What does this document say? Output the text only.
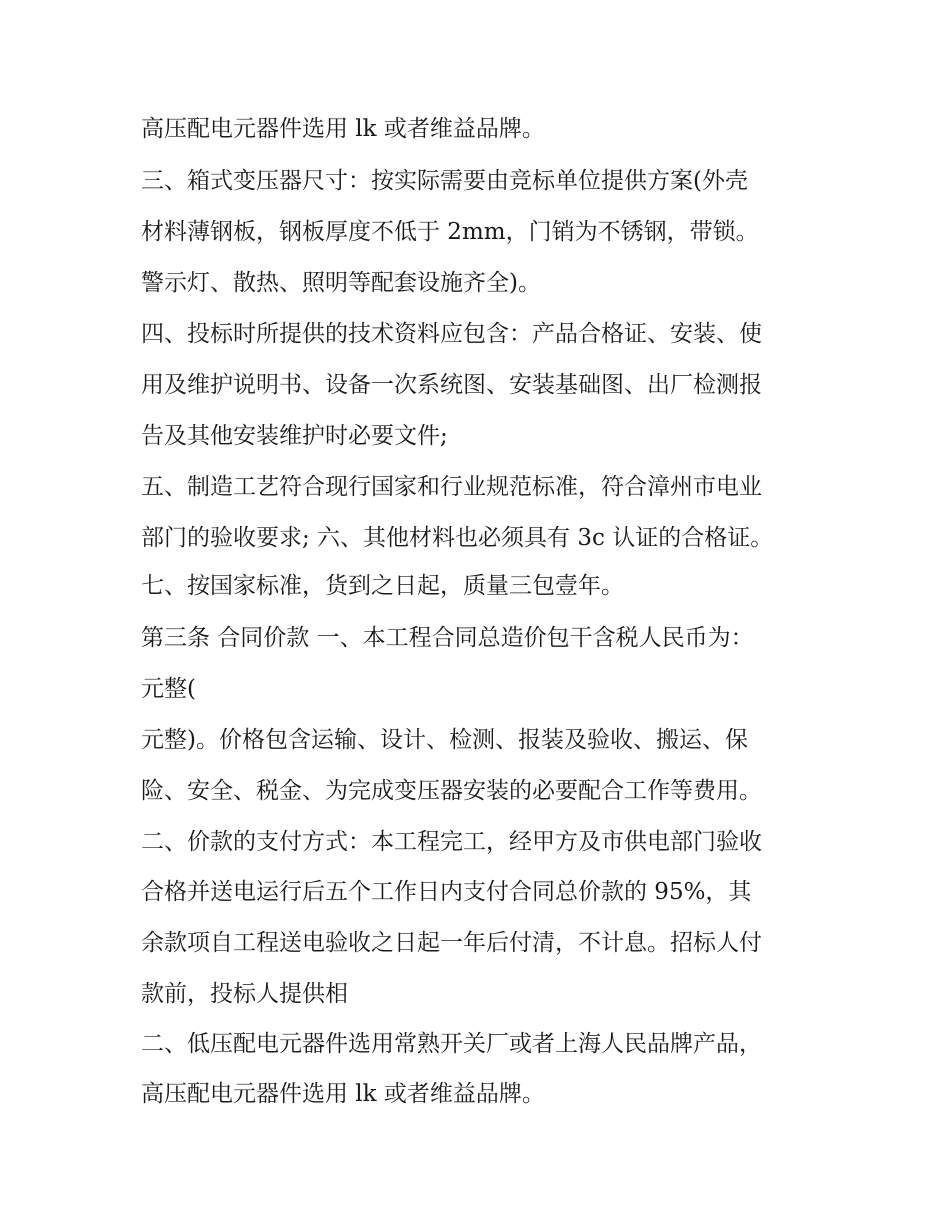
高压配电元器件选用 lk 或者维益品牌。

三、箱式变压器尺寸：按实际需要由竞标单位提供方案(外壳

材料薄钢板，钢板厚度不低于 2mm，门销为不锈钢，带锁。

警示灯、散热、照明等配套设施齐全)。

四、投标时所提供的技术资料应包含：产品合格证、安装、使

用及维护说明书、设备一次系统图、安装基础图、出厂检测报

告及其他安装维护时必要文件;

五、制造工艺符合现行国家和行业规范标准，符合漳州市电业

部门的验收要求; 六、其他材料也必须具有 3c 认证的合格证。

七、按国家标准，货到之日起，质量三包壹年。

第三条 合同价款 一、本工程合同总造价包干含税人民币为：

元整(

元整)。价格包含运输、设计、检测、报装及验收、搬运、保

险、安全、税金、为完成变压器安装的必要配合工作等费用。

二、价款的支付方式：本工程完工，经甲方及市供电部门验收

合格并送电运行后五个工作日内支付合同总价款的 95%，其

余款项自工程送电验收之日起一年后付清，不计息。招标人付

款前，投标人提供相

二、低压配电元器件选用常熟开关厂或者上海人民品牌产品，

高压配电元器件选用 lk 或者维益品牌。
